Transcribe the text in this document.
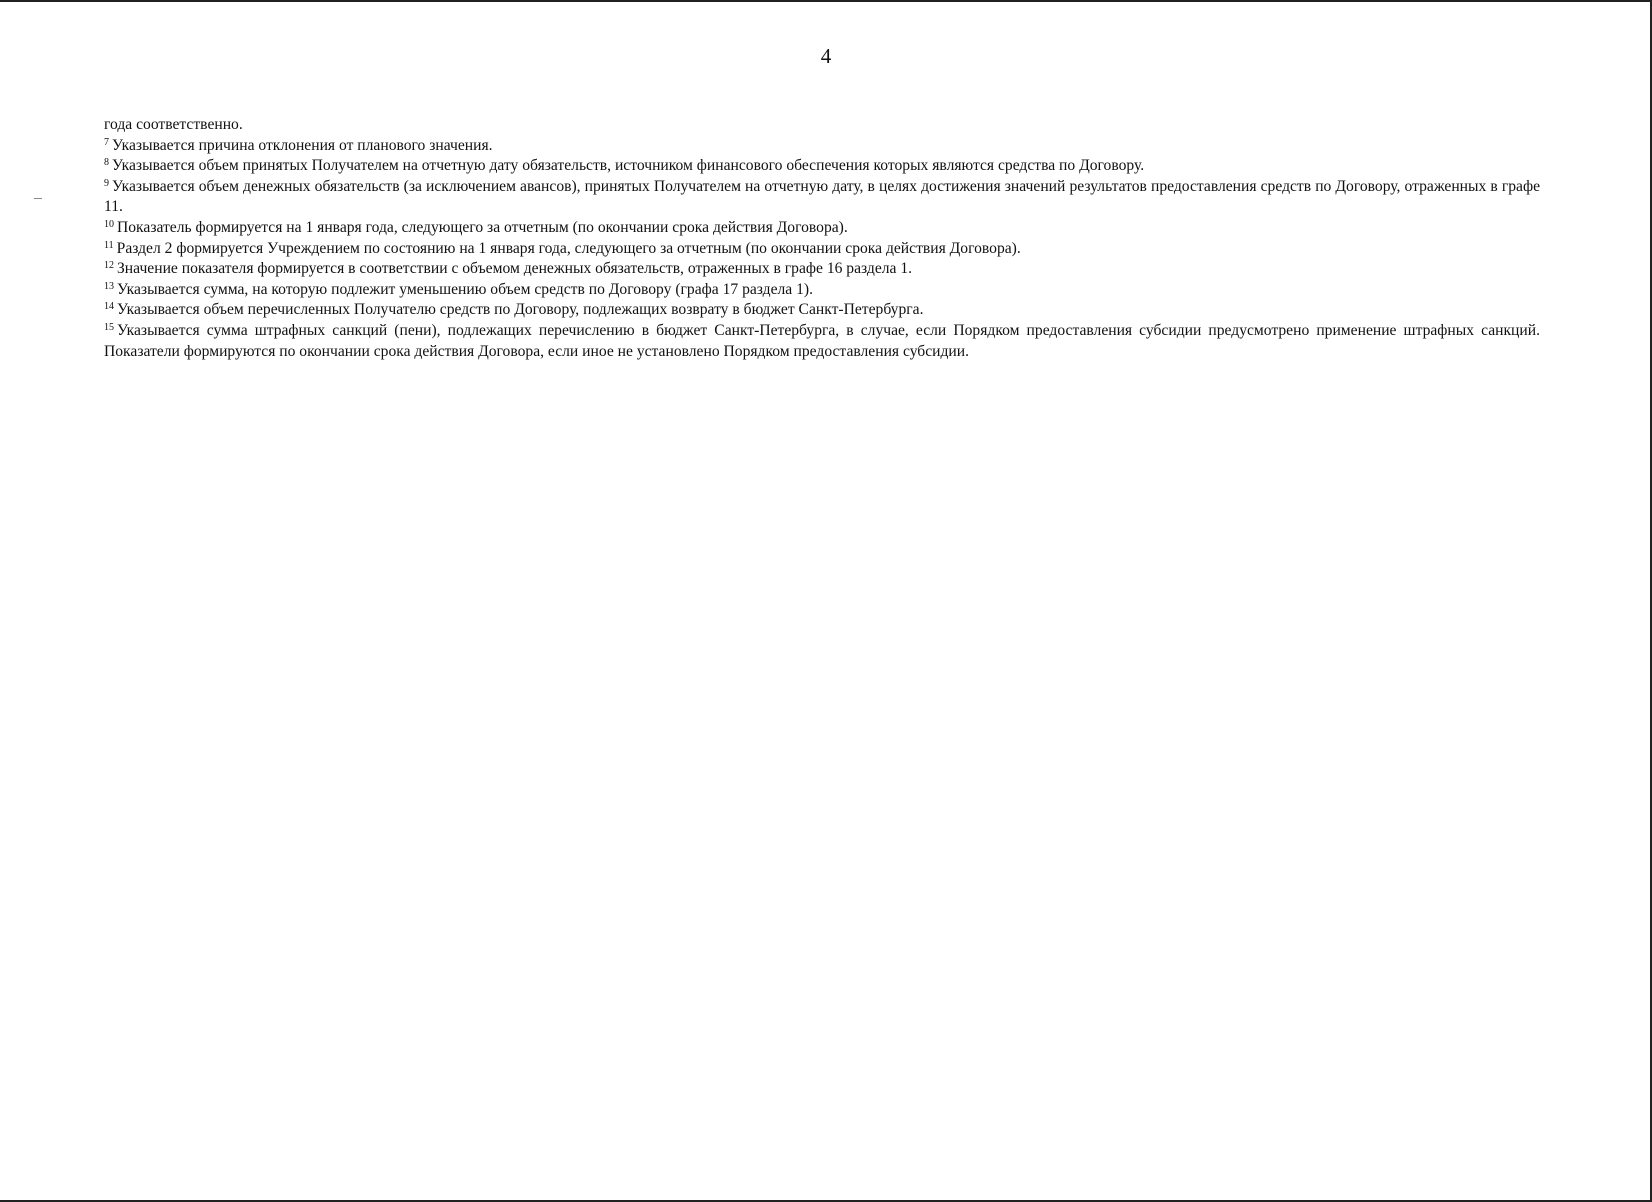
4

года соответственно.

$^7$ Указывается причина отклонения от планового значения.

$^8$ Указывается объем принятых Получателем на отчетную дату обязательств, источником финансового обеспечения которых являются средства по Договору.

$^9$ Указывается объем денежных обязательств (за исключением авансов), принятых Получателем на отчетную дату, в целях достижения значений результатов предоставления средств по Договору, отраженных в графе 11.

$^{10}$ Показатель формируется на 1 января года, следующего за отчетным (по окончании срока действия Договора).

$^{11}$ Раздел 2 формируется Учреждением по состоянию на 1 января года, следующего за отчетным (по окончании срока действия Договора).

$^{12}$ Значение показателя формируется в соответствии с объемом денежных обязательств, отраженных в графе 16 раздела 1.

$^{13}$ Указывается сумма, на которую подлежит уменьшению объем средств по Договору (графа 17 раздела 1).

$^{14}$ Указывается объем перечисленных Получателю средств по Договору, подлежащих возврату в бюджет Санкт-Петербурга.

$^{15}$ Указывается сумма штрафных санкций (пени), подлежащих перечислению в бюджет Санкт-Петербурга, в случае, если Порядком предоставления субсидии предусмотрено применение штрафных санкций. Показатели формируются по окончании срока действия Договора, если иное не установлено Порядком предоставления субсидии.
